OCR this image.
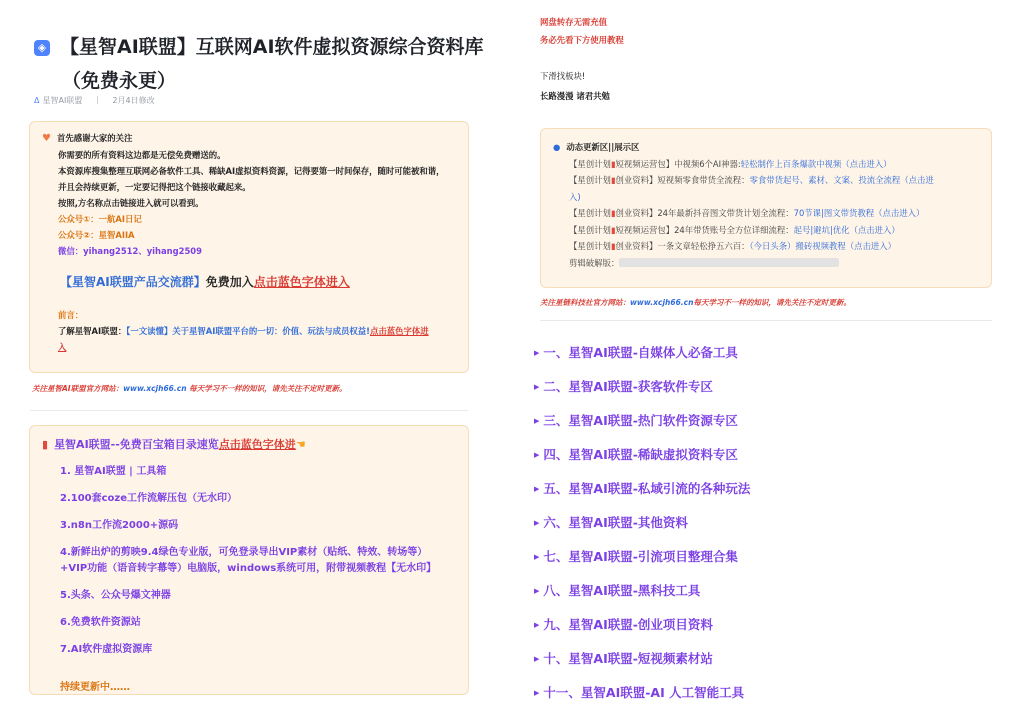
◈ 【星智AI联盟】互联网AI软件虚拟资源综合资料库
（免费永更）
Δ 星智AI联盟	2月4日修改
♥ 首先感谢大家的关注
你需要的所有资料这边都是无偿免费赠送的。
本资源库搜集整理互联网必备软件工具、稀缺AI虚拟资料资源，记得要第一时间保存，随时可能被和谐，
并且会持续更新，一定要记得把这个链接收藏起来。
按照,方名称点击链接进入就可以看到。
公众号①：一航AI日记
公众号②：星智AIIA
微信：yihang2512、yihang2509
【星智AI联盟产品交流群】免费加入点击蓝色字体进入
前言：
了解星智AI联盟：【一文读懂】关于星智AI联盟平台的一切：价值、玩法与成员权益!点击蓝色字体进
入
关注星智AI联盟官方网站：www.xcjh66.cn 每天学习不一样的知识，请先关注不定时更新。
▮ 星智AI联盟--免费百宝箱目录速览点击蓝色字体进☚
1. 星智AI联盟 | 工具箱
2.100套coze工作流解压包（无水印）
3.n8n工作流2000+源码
4.新鲜出炉的剪映9.4绿色专业版，可免登录导出VIP素材（贴纸、特效、转场等）
+VIP功能（语音转字幕等）电脑版，windows系统可用，附带视频教程【无水印】
5.头条、公众号爆文神器
6.免费软件资源站
7.AI软件虚拟资源库
持续更新中……
网盘转存无需充值
务必先看下方使用教程
下滑找板块!
长路漫漫 诸君共勉
● 动态更新区||展示区
【星创计划▮短视频运营包】中视频6个AI神器:轻松制作上百条爆款中视频（点击进入）
【星创计划▮创业资料】短视频零食带货全流程：零食带货起号、素材、文案、投流全流程（点击进
入)
【星创计划▮创业资料】24年最新抖音图文带货计划全流程：70节课|图文带货教程（点击进入）
【星创计划▮短视频运营包】24年带货账号全方位详细流程：起号|避坑|优化（点击进入）
【星创计划▮创业资料】一条文章轻松挣五六百：（今日头条）搬砖视频教程（点击进入）
剪辑破解版：
关注星链科技社官方网站：www.xcjh66.cn每天学习不一样的知识，请先关注不定时更新。
▶ 一、星智AI联盟-自媒体人必备工具
▶ 二、星智AI联盟-获客软件专区
▶ 三、星智AI联盟-热门软件资源专区
▶ 四、星智AI联盟-稀缺虚拟资料专区
▶ 五、星智AI联盟-私域引流的各种玩法
▶ 六、星智AI联盟-其他资料
▶ 七、星智AI联盟-引流项目整理合集
▶ 八、星智AI联盟-黑科技工具
▶ 九、星智AI联盟-创业项目资料
▶ 十、星智AI联盟-短视频素材站
▶ 十一、星智AI联盟-AI 人工智能工具
